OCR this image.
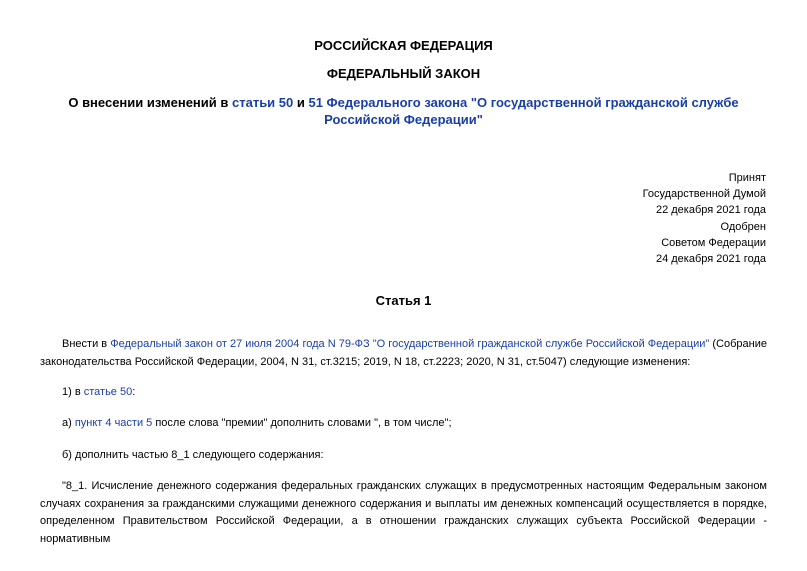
РОССИЙСКАЯ ФЕДЕРАЦИЯ
ФЕДЕРАЛЬНЫЙ ЗАКОН
О внесении изменений в статьи 50 и 51 Федерального закона "О государственной гражданской службе Российской Федерации"
Принят
Государственной Думой
22 декабря 2021 года
Одобрен
Советом Федерации
24 декабря 2021 года
Статья 1
Внести в Федеральный закон от 27 июля 2004 года N 79-ФЗ "О государственной гражданской службе Российской Федерации" (Собрание законодательства Российской Федерации, 2004, N 31, ст.3215; 2019, N 18, ст.2223; 2020, N 31, ст.5047) следующие изменения:
1) в статье 50:
а) пункт 4 части 5 после слова "премии" дополнить словами ", в том числе";
б) дополнить частью 8_1 следующего содержания:
"8_1. Исчисление денежного содержания федеральных гражданских служащих в предусмотренных настоящим Федеральным законом случаях сохранения за гражданскими служащими денежного содержания и выплаты им денежных компенсаций осуществляется в порядке, определенном Правительством Российской Федерации, а в отношении гражданских служащих субъекта Российской Федерации - нормативным
